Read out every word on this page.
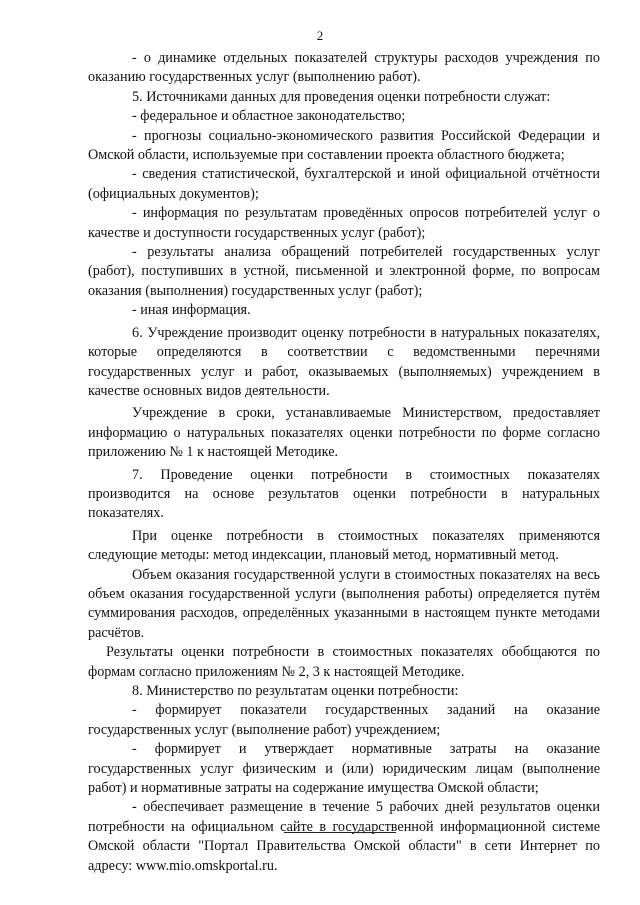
2

- о динамике отдельных показателей структуры расходов учреждения по оказанию государственных услуг (выполнению работ).

5. Источниками данных для проведения оценки потребности служат:

- федеральное и областное законодательство;

- прогнозы социально-экономического развития Российской Федерации и Омской области, используемые при составлении проекта областного бюджета;

- сведения статистической, бухгалтерской и иной официальной отчётности (официальных документов);

- информация по результатам проведённых опросов потребителей услуг о качестве и доступности государственных услуг (работ);

- результаты анализа обращений потребителей государственных услуг (работ), поступивших в устной, письменной и электронной форме, по вопросам оказания (выполнения) государственных услуг (работ);

- иная информация.

6. Учреждение производит оценку потребности в натуральных показателях, которые определяются в соответствии с ведомственными перечнями государственных услуг и работ, оказываемых (выполняемых) учреждением в качестве основных видов деятельности.

Учреждение в сроки, устанавливаемые Министерством, предоставляет информацию о натуральных показателях оценки потребности по форме согласно приложению № 1 к настоящей Методике.

7. Проведение оценки потребности в стоимостных показателях производится на основе результатов оценки потребности в натуральных показателях.

При оценке потребности в стоимостных показателях применяются следующие методы: метод индексации, плановый метод, нормативный метод.

Объем оказания государственной услуги в стоимостных показателях на весь объем оказания государственной услуги (выполнения работы) определяется путём суммирования расходов, определённых указанными в настоящем пункте методами расчётов.

Результаты оценки потребности в стоимостных показателях обобщаются по формам согласно приложениям № 2, 3 к настоящей Методике.

8. Министерство по результатам оценки потребности:

- формирует показатели государственных заданий на оказание государственных услуг (выполнение работ) учреждением;

- формирует и утверждает нормативные затраты на оказание государственных услуг физическим и (или) юридическим лицам (выполнение работ) и нормативные затраты на содержание имущества Омской области;

- обеспечивает размещение в течение 5 рабочих дней результатов оценки потребности на официальном сайте в государственной информационной системе Омской области "Портал Правительства Омской области" в сети Интернет по адресу: www.mio.omskportal.ru.
